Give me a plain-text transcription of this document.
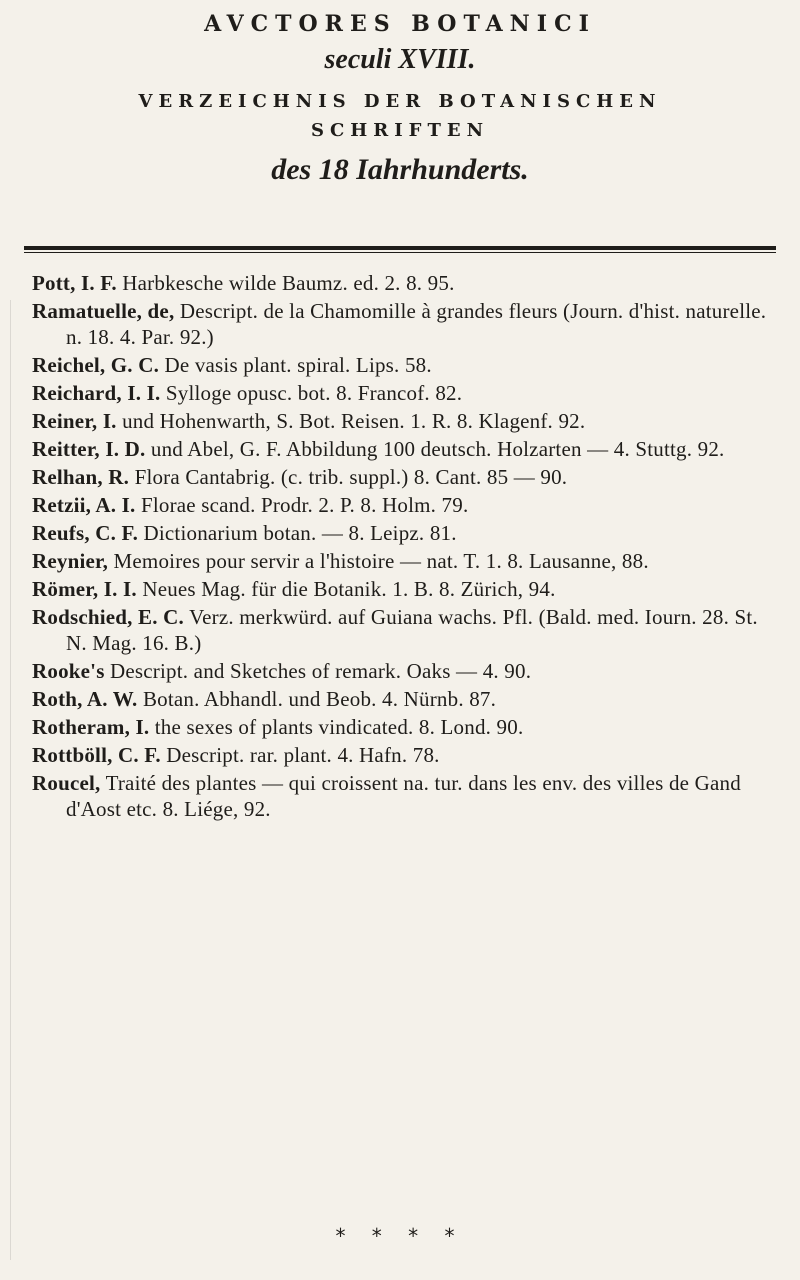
AVCTORES BOTANICI
seculi XVIII.
VERZEICHNIS DER BOTANISCHEN
SCHRIFTEN
des 18 Iahrhunderts.
Pott, I. F. Harbkesche wilde Baumz. ed. 2. 8. 95.
Ramatuelle, de, Descript. de la Chamomille à grandes fleurs (Journ. d'hist. naturelle. n. 18. 4. Par. 92.)
Reichel, G. C. De vasis plant. spiral. Lips. 58.
Reichard, I. I. Sylloge opusc. bot. 8. Francof. 82.
Reiner, I. und Hohenwarth, S. Bot. Reisen. 1. R. 8. Klagenf. 92.
Reitter, I. D. und Abel, G. F. Abbildung 100 deutsch. Holzarten — 4. Stuttg. 92.
Relhan, R. Flora Cantabrig. (c. trib. suppl.) 8. Cant. 85 — 90.
Retzii, A. I. Florae scand. Prodr. 2. P. 8. Holm. 79.
Reufs, C. F. Dictionarium botan. — 8. Leipz. 81.
Reynier, Memoires pour servir a l'histoire — nat. T. 1. 8. Lausanne, 88.
Römer, I. I. Neues Mag. für die Botanik. 1. B. 8. Zürich, 94.
Rodschied, E. C. Verz. merkwürd. auf Guiana wachs. Pfl. (Bald. med. Iourn. 28. St. N. Mag. 16. B.)
Rooke's Descript. and Sketches of remark. Oaks — 4. 90.
Roth, A. W. Botan. Abhandl. und Beob. 4. Nürnb. 87.
Rotheram, I. the sexes of plants vindicated. 8. Lond. 90.
Rottböll, C. F. Descript. rar. plant. 4. Hafn. 78.
Roucel, Traité des plantes — qui croissent na. tur. dans les env. des villes de Gand d'Aost etc. 8. Liége, 92.
* * * *
